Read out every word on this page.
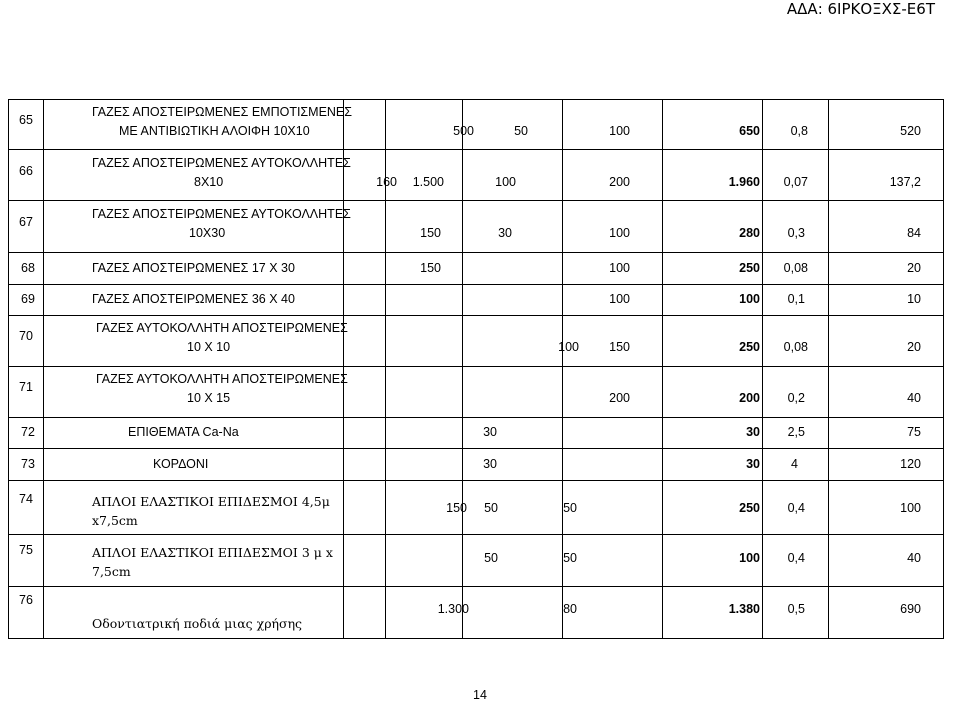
ΑΔΑ: 6ΙΡΚΟΞΧΣ-Ε6Τ
65	ΓΑΖΕΣ ΑΠΟΣΤΕΙΡΩΜΕΝΕΣ ΕΜΠΟΤΙΣΜΕΝΕΣ
ΜΕ ΑΝΤΙΒΙΩΤΙΚΗ ΑΛΟΙΦΗ 10Χ10		500	50	100	650	0,8	520

66	ΓΑΖΕΣ ΑΠΟΣΤΕΙΡΩΜΕΝΕΣ ΑΥΤΟΚΟΛΛΗΤΕΣ
8Χ10	160	1.500	100	200	1.960	0,07	137,2

67	ΓΑΖΕΣ ΑΠΟΣΤΕΙΡΩΜΕΝΕΣ ΑΥΤΟΚΟΛΛΗΤΕΣ
10Χ30		150	30	100	280	0,3	84

68	ΓΑΖΕΣ ΑΠΟΣΤΕΙΡΩΜΕΝΕΣ 17 Χ 30		150		100	250	0,08	20

69	ΓΑΖΕΣ ΑΠΟΣΤΕΙΡΩΜΕΝΕΣ 36 Χ 40				100	100	0,1	10

70	ΓΑΖΕΣ ΑΥΤΟΚΟΛΛΗΤΗ ΑΠΟΣΤΕΙΡΩΜΕΝΕΣ
10 Χ 10			100	150	250	0,08	20

71	ΓΑΖΕΣ ΑΥΤΟΚΟΛΛΗΤΗ ΑΠΟΣΤΕΙΡΩΜΕΝΕΣ
10 Χ 15				200	200	0,2	40

72	ΕΠΙΘΕΜΑΤΑ Ca-Na		30			30	2,5	75

73	ΚΟΡΔΟΝΙ		30			30	4	120

74	ΑΠΛΟΙ ΕΛΑΣΤΙΚΟΙ ΕΠΙΔΕΣΜΟΙ 4,5μ
x7,5cm		150	50	50	250	0,4	100

75	ΑΠΛΟΙ ΕΛΑΣΤΙΚΟΙ ΕΠΙΔΕΣΜΟΙ 3 μ x
7,5cm			50	50	100	0,4	40

76	Οδοντιατρική ποδιά μιας χρήσης		1.300		80	1.380	0,5	690
14
